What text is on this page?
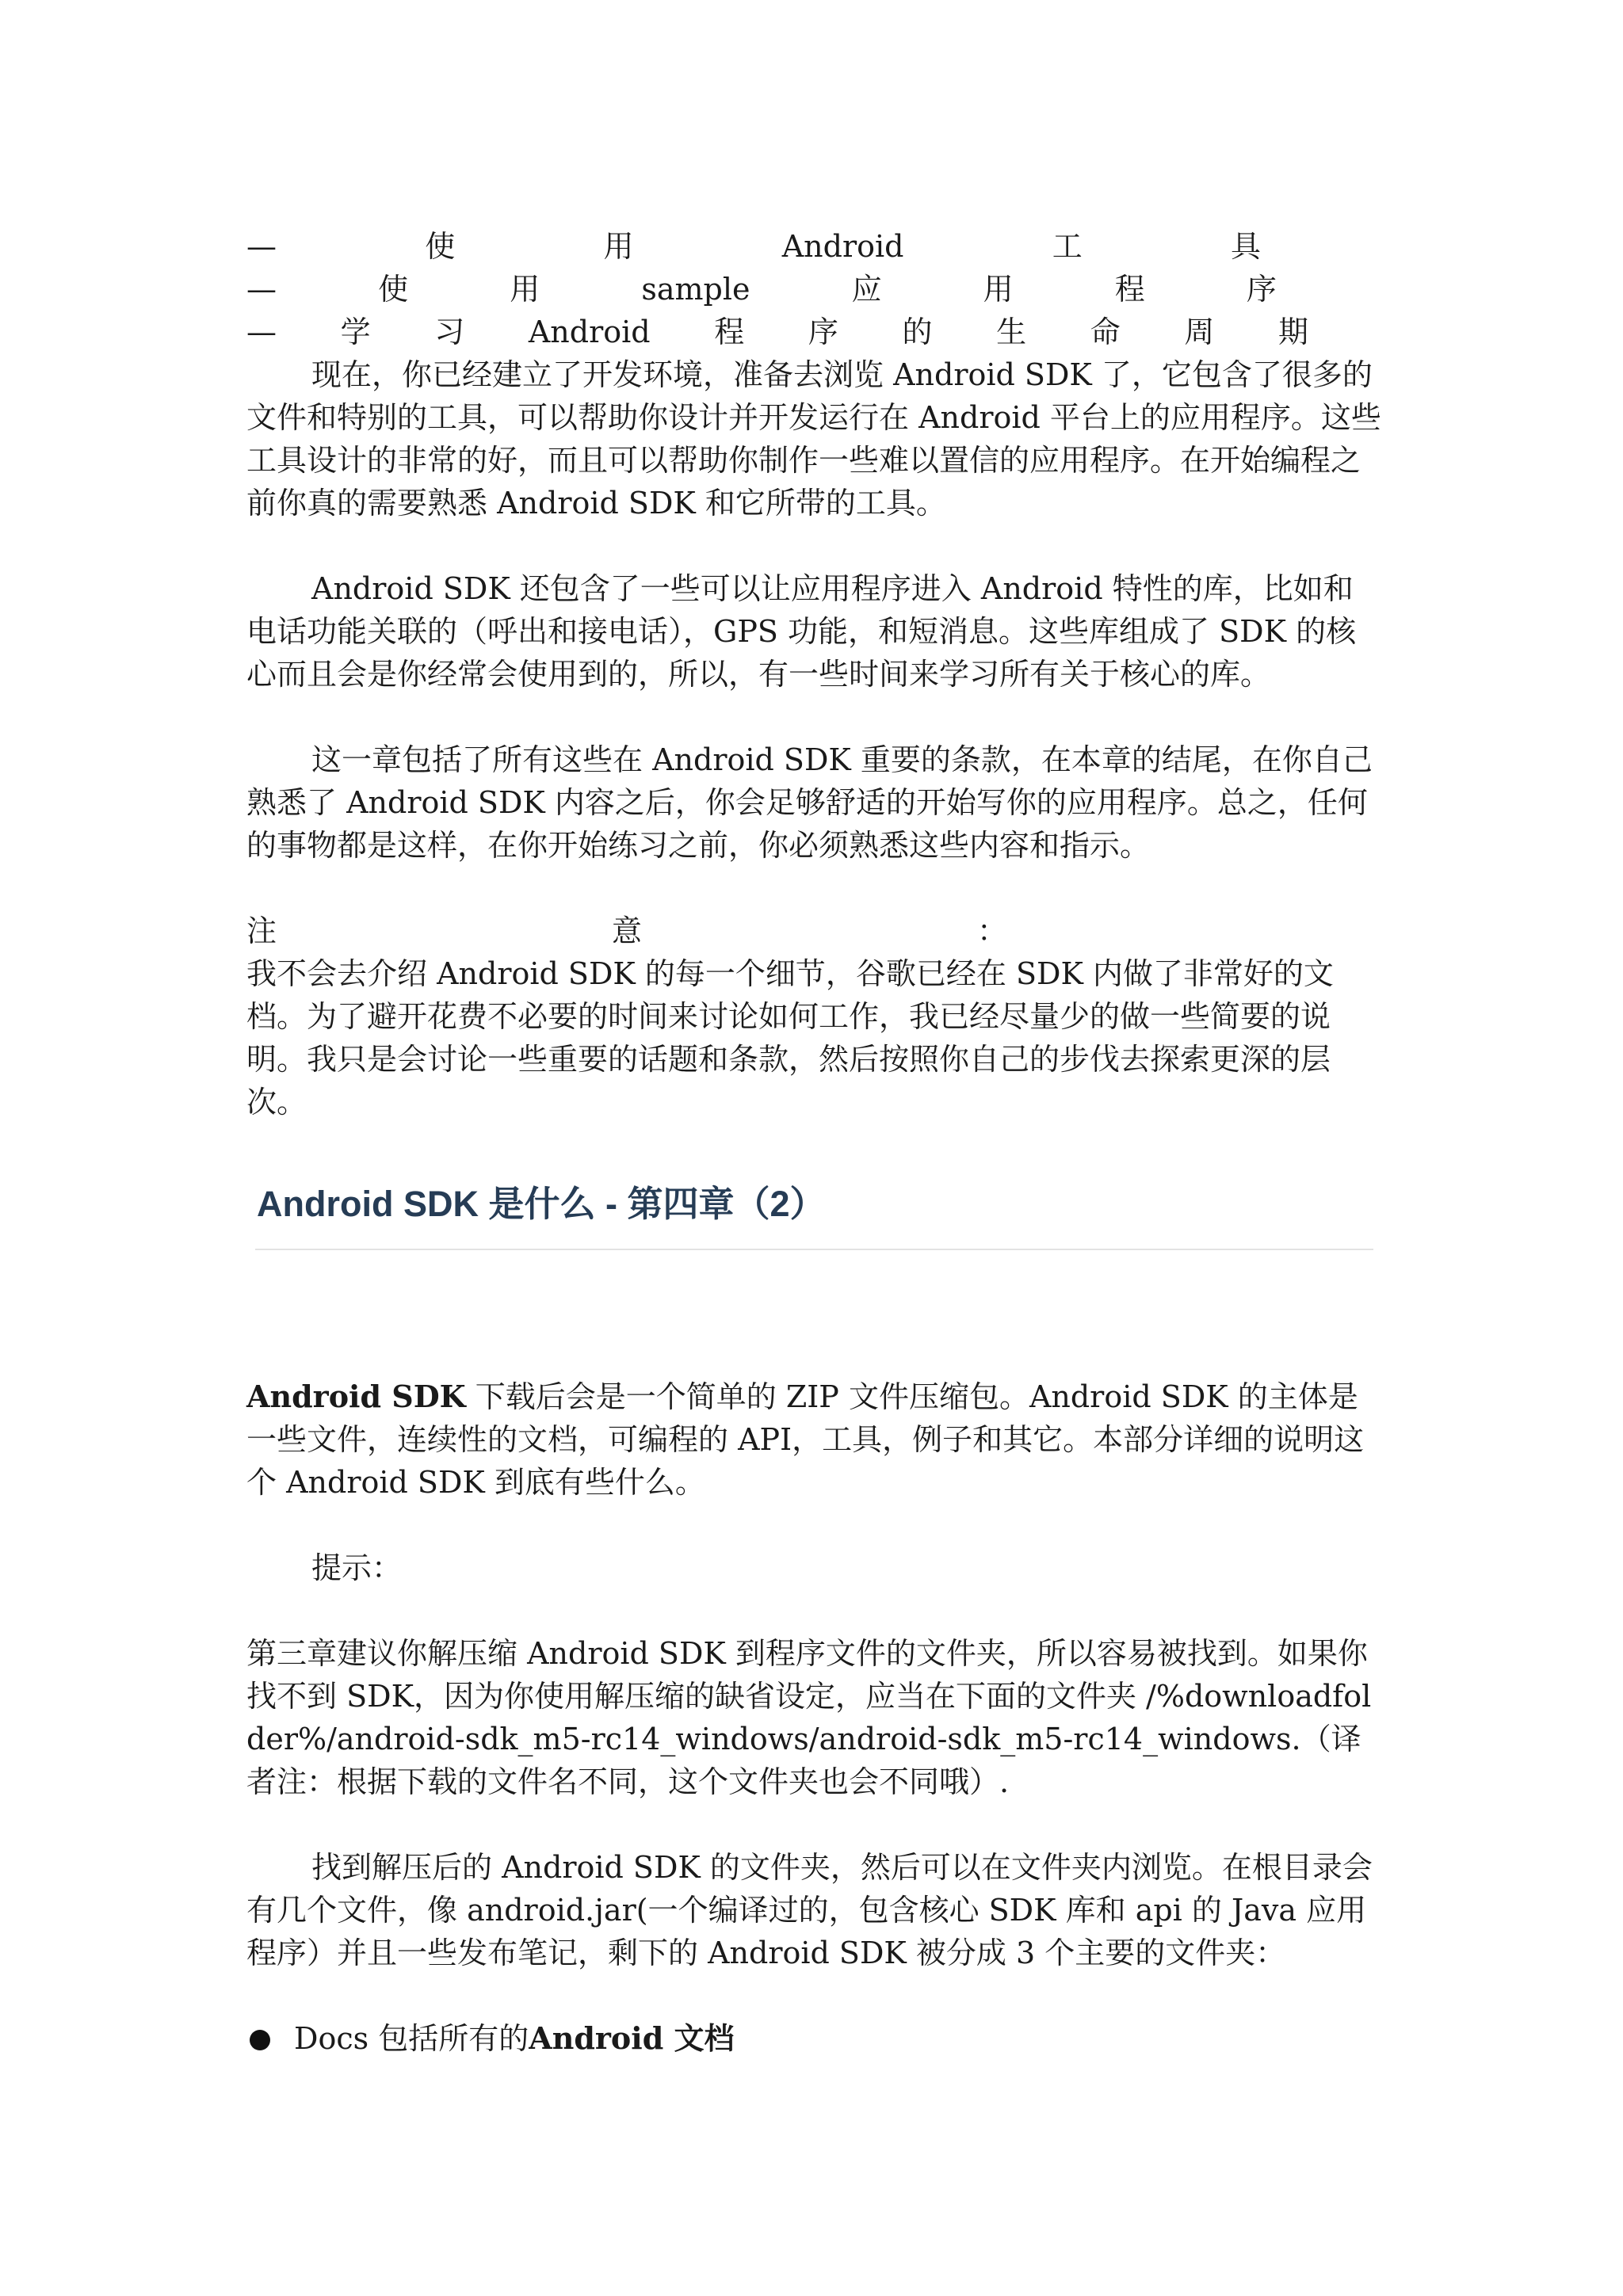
—	使	用	Android	工	具
—	使	用	sample	应	用	程	序
— 学 习 Android 程 序 的 生 命 周 期

现在，你已经建立了开发环境，准备去浏览 Android SDK 了，它包含了很多的文件和特别的工具，可以帮助你设计并开发运行在 Android 平台上的应用程序。这些工具设计的非常的好，而且可以帮助你制作一些难以置信的应用程序。在开始编程之前你真的需要熟悉 Android SDK 和它所带的工具。

Android SDK 还包含了一些可以让应用程序进入 Android 特性的库，比如和电话功能关联的（呼出和接电话），GPS 功能，和短消息。这些库组成了 SDK 的核心而且会是你经常会使用到的，所以，有一些时间来学习所有关于核心的库。

这一章包括了所有这些在 Android SDK 重要的条款，在本章的结尾，在你自己熟悉了 Android SDK 内容之后，你会足够舒适的开始写你的应用程序。总之，任何的事物都是这样，在你开始练习之前，你必须熟悉这些内容和指示。

注	意	：

我不会去介绍 Android SDK 的每一个细节，谷歌已经在 SDK 内做了非常好的文档。为了避开花费不必要的时间来讨论如何工作，我已经尽量少的做一些简要的说明。我只是会讨论一些重要的话题和条款，然后按照你自己的步伐去探索更深的层次。

Android SDK 是什么 - 第四章（2）

Android SDK 下载后会是一个简单的 ZIP 文件压缩包。Android SDK 的主体是一些文件，连续性的文档，可编程的 API，工具，例子和其它。本部分详细的说明这个 Android SDK 到底有些什么。

提示：

第三章建议你解压缩 Android SDK 到程序文件的文件夹，所以容易被找到。如果你找不到 SDK，因为你使用解压缩的缺省设定，应当在下面的文件夹 /%downloadfolder%/android-sdk_m5-rc14_windows/android-sdk_m5-rc14_windows.（译者注：根据下载的文件名不同，这个文件夹也会不同哦）.

找到解压后的 Android SDK 的文件夹，然后可以在文件夹内浏览。在根目录会有几个文件，像 android.jar(一个编译过的，包含核心 SDK 库和 api 的 Java 应用程序）并且一些发布笔记，剩下的 Android SDK 被分成 3 个主要的文件夹：

Docs 包括所有的 Android 文档
